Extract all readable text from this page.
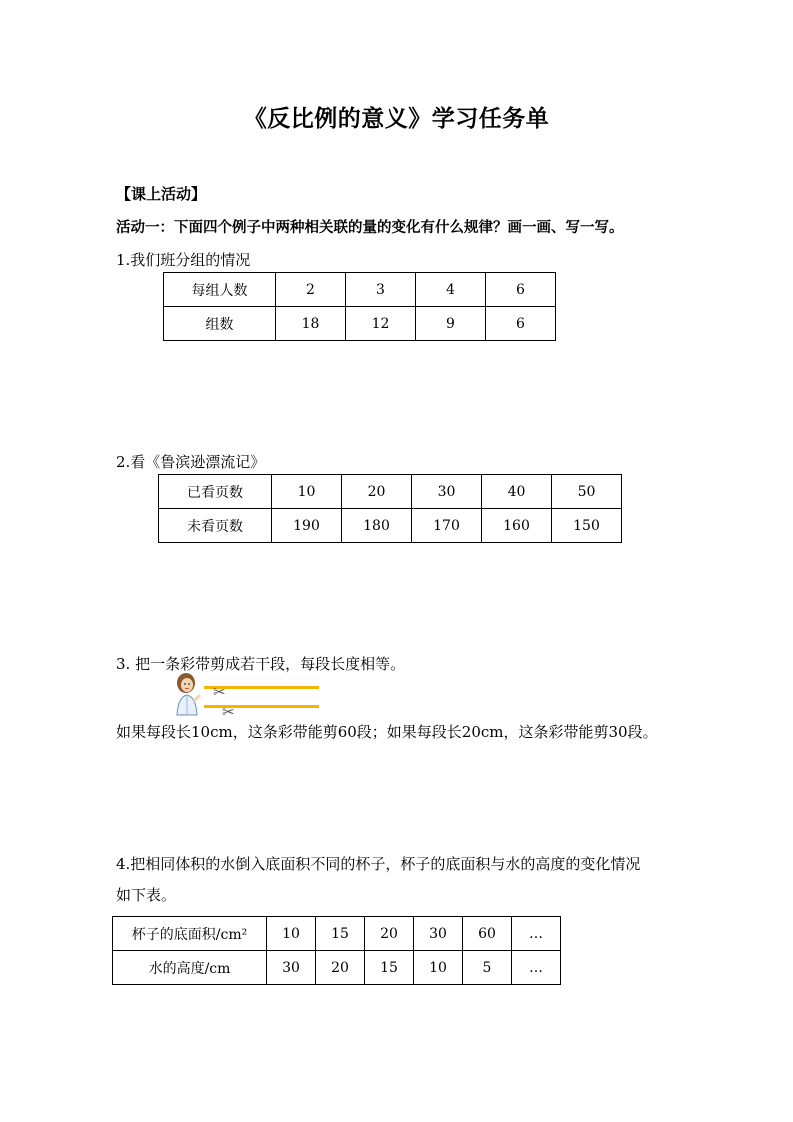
《反比例的意义》学习任务单
【课上活动】
活动一：下面四个例子中两种相关联的量的变化有什么规律？画一画、写一写。
1.我们班分组的情况
每组人数	2	3	4	6
组数	18	12	9	6
2.看《鲁滨逊漂流记》
已看页数	10	20	30	40	50
未看页数	190	180	170	160	150
3. 把一条彩带剪成若干段，每段长度相等。
✂
✂
如果每段长10cm，这条彩带能剪60段；如果每段长20cm，这条彩带能剪30段。
4.把相同体积的水倒入底面积不同的杯子，杯子的底面积与水的高度的变化情况
如下表。
杯子的底面积/cm²	10	15	20	30	60	…
水的高度/cm	30	20	15	10	5	…
